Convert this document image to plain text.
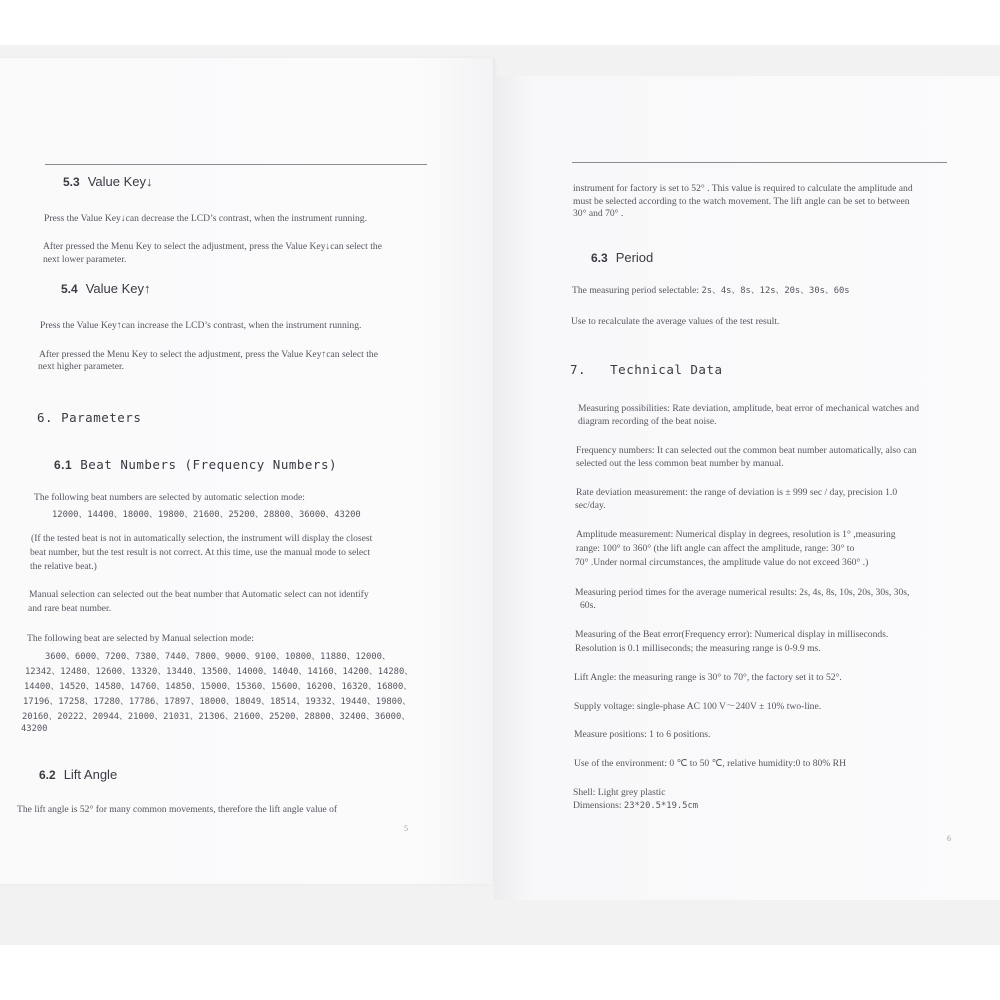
5.3 Value Key↓
Press the Value Key↓can decrease the LCD’s contrast, when the instrument running.
After pressed the Menu Key to select the adjustment, press the Value Key↓can select the
next lower parameter.
5.4 Value Key↑
Press the Value Key↑can increase the LCD’s contrast, when the instrument running.
After pressed the Menu Key to select the adjustment, press the Value Key↑can select the
next higher parameter.
6. Parameters
6.1 Beat Numbers (Frequency Numbers)
The following beat numbers are selected by automatic selection mode:
12000、14400、18000、19800、21600、25200、28800、36000、43200
(If the tested beat is not in automatically selection, the instrument will display the closest
beat number, but the test result is not correct. At this time, use the manual mode to select
the relative beat.)
Manual selection can selected out the beat number that Automatic select can not identify
and rare beat number.
The following beat are selected by Manual selection mode:
3600、6000、7200、7380、7440、7800、9000、9100、10800、11880、12000、
12342、12480、12600、13320、13440、13500、14000、14040、14160、14200、14280、
14400、14520、14580、14760、14850、15000、15360、15600、16200、16320、16800、
17196、17258、17280、17786、17897、18000、18049、18514、19332、19440、19800、
20160、20222、20944、21000、21031、21306、21600、25200、28800、32400、36000、
43200
6.2 Lift Angle
The lift angle is 52° for many common movements, therefore the lift angle value of
5
instrument for factory is set to 52° . This value is required to calculate the amplitude and
must be selected according to the watch movement. The lift angle can be set to between
30° and 70° .
6.3 Period
The measuring period selectable: 2s、4s、8s、12s、20s、30s、60s
Use to recalculate the average values of the test result.
7. Technical Data
Measuring possibilities: Rate deviation, amplitude, beat error of mechanical watches and
diagram recording of the beat noise.
Frequency numbers: It can selected out the common beat number automatically, also can
selected out the less common beat number by manual.
Rate deviation measurement: the range of deviation is ± 999 sec / day, precision 1.0
sec/day.
Amplitude measurement: Numerical display in degrees, resolution is 1° ,measuring
range: 100° to 360° (the lift angle can affect the amplitude, range: 30° to
70° .Under normal circumstances, the amplitude value do not exceed 360° .)
Measuring period times for the average numerical results: 2s, 4s, 8s, 10s, 20s, 30s, 30s,
60s.
Measuring of the Beat error(Frequency error): Numerical display in milliseconds.
Resolution is 0.1 milliseconds; the measuring range is 0-9.9 ms.
Lift Angle: the measuring range is 30° to 70°, the factory set it to 52°.
Supply voltage: single-phase AC 100 V～240V ± 10% two-line.
Measure positions: 1 to 6 positions.
Use of the environment: 0 ℃ to 50 ℃, relative humidity:0 to 80% RH
Shell: Light grey plastic
Dimensions: 23*20.5*19.5cm
6
